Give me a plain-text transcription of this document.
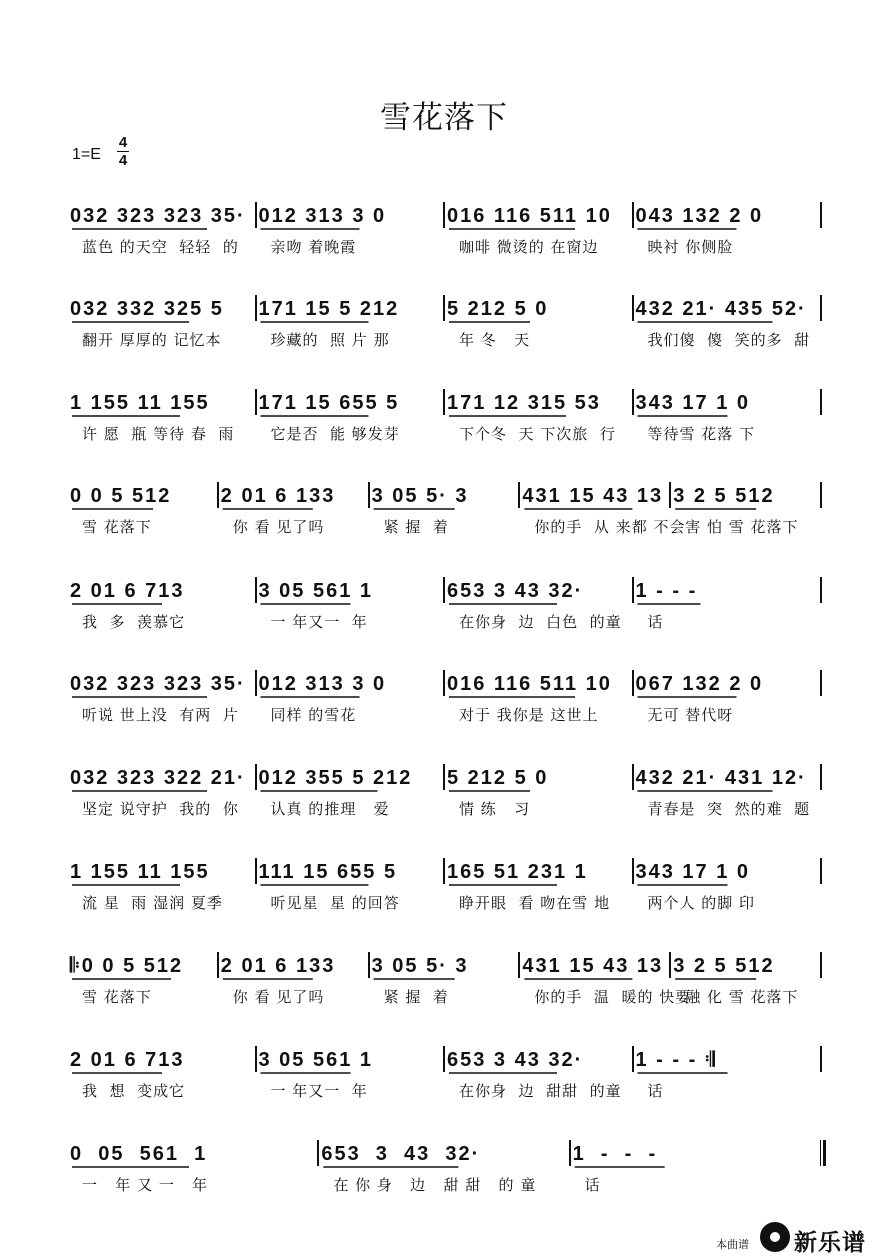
雪花落下
1=E
4
4
032 323 323 35·
蓝色 的天空  轻轻  的
012 313 3 0
亲吻 着晚霞
016 116 511 10
咖啡 微烫的 在窗边
043 132 2 0
映衬 你侧脸
032 332 325 5
翻开 厚厚的 记忆本
171 15 5 212
珍藏的  照 片 那
5 212 5 0
年 冬   天
432 21· 435 52·
我们傻  傻  笑的多  甜
1 155 11 155
许 愿  瓶 等待 春  雨
171 15 655 5
它是否  能 够发芽
171 12 315 53
下个冬  天 下次旅  行
343 17 1 0
等待雪 花落 下
0 0 5 512
雪 花落下
2 01 6 133
你 看 见了吗
3 05 5· 3
紧 握  着
431 15 43 13
你的手  从 来都 不会
3 2 5 512
害 怕 雪 花落下
2 01 6 713
我  多  羡慕它
3 05 561 1
一 年又一  年
653 3 43 32·
在你身  边  白色  的童
1 - - -
话
032 323 323 35·
听说 世上没  有两  片
012 313 3 0
同样 的雪花
016 116 511 10
对于 我你是 这世上
067 132 2 0
无可 替代呀
032 323 322 21·
坚定 说守护  我的  你
012 355 5 212
认真 的推理   爱
5 212 5 0
情 练   习
432 21· 431 12·
青春是  突  然的难  题
1 155 11 155
流 星  雨 湿润 夏季
111 15 655 5
听见星  星 的回答
165 51 231 1
睁开眼  看 吻在雪 地
343 17 1 0
两个人 的脚 印
𝄆0 0 5 512
雪 花落下
2 01 6 133
你 看 见了吗
3 05 5· 3
紧 握  着
431 15 43 13
你的手  温  暖的 快要
3 2 5 512
融 化 雪 花落下
2 01 6 713
我  想  变成它
3 05 561 1
一 年又一  年
653 3 43 32·
在你身  边  甜甜  的童
1 - - - 𝄇
话
0  05  561  1
一   年 又 一   年
653  3  43  32·
在 你 身   边   甜 甜   的 童
1  -  -  -
话
本曲谱 新乐谱
